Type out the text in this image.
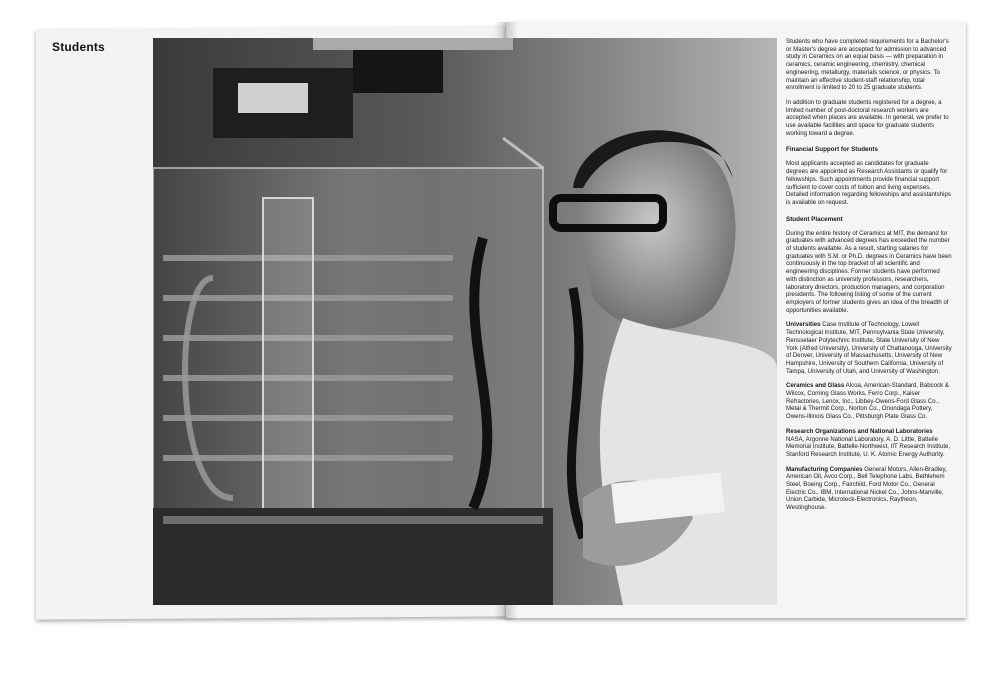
Students	Students who have completed requirements for a Bachelor's or Master's degree are accepted for admission to advanced study in Ceramics on an equal basis — with preparation in ceramics, ceramic engineering, chemistry, chemical engineering, metallurgy, materials science, or physics. To maintain an effective student-staff relationship, total enrollment is limited to 20 to 25 graduate students.

In addition to graduate students registered for a degree, a limited number of post-doctoral research workers are accepted when places are available. In general, we prefer to use available facilities and space for graduate students working toward a degree.

Financial Support for Students

Most applicants accepted as candidates for graduate degrees are appointed as Research Assistants or qualify for fellowships. Such appointments provide financial support sufficient to cover costs of tuition and living expenses. Detailed information regarding fellowships and assistantships is available on request.

Student Placement

During the entire history of Ceramics at MIT, the demand for graduates with advanced degrees has exceeded the number of students available. As a result, starting salaries for graduates with S.M. or Ph.D. degrees in Ceramics have been continuously in the top bracket of all scientific and engineering disciplines. Former students have performed with distinction as university professors, researchers, laboratory directors, production managers, and corporation presidents. The following listing of some of the current employers of former students gives an idea of the breadth of opportunities available.

Universities Case Institute of Technology, Lowell Technological Institute, MIT, Pennsylvania State University, Rensselaer Polytechnic Institute, State University of New York (Alfred University), University of Chattanooga, University of Denver, University of Massachusetts, University of New Hampshire, University of Southern California, University of Tampa, University of Utah, and University of Washington.

Ceramics and Glass Alcoa, American-Standard, Babcock & Wilcox, Corning Glass Works, Ferro Corp., Kaiser Refractories, Lenox, Inc., Libbey-Owens-Ford Glass Co., Metal & Thermit Corp., Norton Co., Onondaga Pottery, Owens-Illinois Glass Co., Pittsburgh Plate Glass Co.

Research Organizations and National Laboratories
NASA, Argonne National Laboratory, A. D. Little, Battelle Memorial Institute, Battelle-Northwest, IIT Research Institute, Stanford Research Institute, U. K. Atomic Energy Authority.

Manufacturing Companies General Motors, Allen-Bradley, American Oil, Avco Corp., Bell Telephone Labs, Bethlehem Steel, Boeing Corp., Fairchild, Ford Motor Co., General Electric Co., IBM, International Nickel Co., Johns-Manville, Union Carbide, Microteck-Electronics, Raytheon, Westinghouse.
